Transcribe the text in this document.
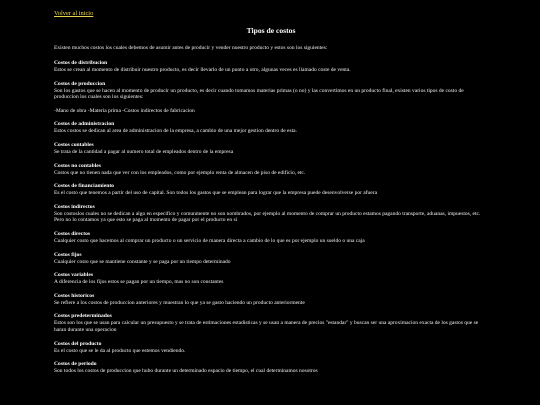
Volver al inicio
Tipos de costos
Existen muchos costos los cuales debemos de asumir antes de producir y vender nuestro producto y estos son los siguientes:
Costos de distribucion
Estos se crean al momento de distribuir nuestro producto, es decir llevarlo de un punto a otro, algunas veces es llamado coste de venta.
Costos de produccion
Son los gastos que se hacen al momento de producir un producto, es decir cuando tomamos materias primas (o no) y las convertimos en un producto final, existen varios tipos de costo de produccion los cuales son los siguientes:
-Mano de obra -Materia prima -Costos indirectos de fabricacion
Costos de administracion
Estos costos se dedican al area de administracion de la empresa, a cambio de una mejor gestion dentro de esta.
Costos contables
Se trata de la cantidad a pagar al numero total de empleados dentro de la empresa
Costos no contables
Costos que no tienen nada que ver con los empleados, como por ejemplo renta de almacen de piso de edificio, etc.
Costos de financiamiento
Es el costo que tenemos a partir del uso de capital. Son todos los gastos que se emplean para lograr que la empresa puede desenvolverse por afuera
Costos indirectos
Son costoslos cuales no se dedican a algo en especifico y comunmente no son nombrados, por ejemplo al momento de comprar un producto estamos pagando transporte, aduanas, impuestos, etc. Pero no lo contamos ya que esto se paga al momento de pagar por el producto en si
Costos directos
Cualquier costo que hacemos al comprar un producto o un servicio de manera directa a cambio de lo que es por ejemplo un sueldo o una caja
Costos fijos
Cualquier costo que se mantiene constante y se paga por un tiempo determinado
Costos variables
A diferencia de los fijos estos se pagan por un tiempo, mas no son constantes
Costos historicos
Se refiere a los costos de produccion anteriores y muestran lo que ya se gasto haciendo un producto anteriormente
Costos predeterminados
Estos son los que se usan para calcular un presupuesto y se trata de estimaciones estadisticas y se usan a manera de precios "estandar" y buscan ser una aproximacion exacta de los gastos que se haran durante una operacion
Costos del producto
Es el costo que se le da al producto que estemos vendiendo.
Costos de periodo
Son todos los costos de produccion que hubo durante un determinado espacio de tiempo, el cual determinamos nosotros
